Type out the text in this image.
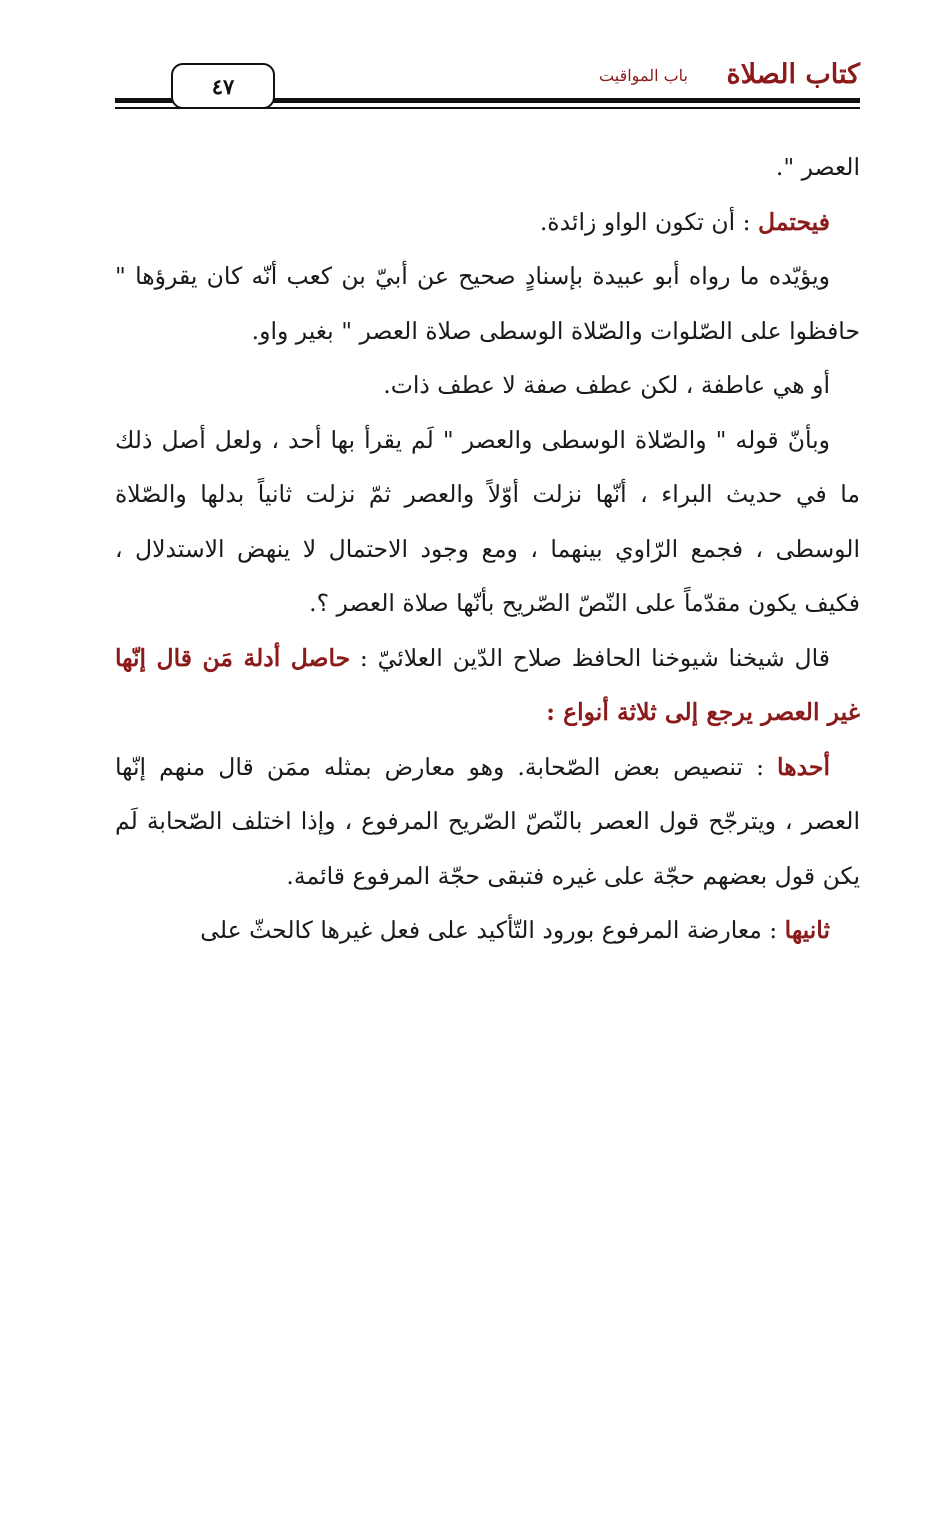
كتاب الصلاة
باب المواقيت
٤٧

العصر ".

فيحتمل : أن تكون الواو زائدة.

ويؤيّده ما رواه أبو عبيدة بإسنادٍ صحيح عن أبيّ بن كعب أنّه كان يقرؤها " حافظوا على الصّلوات والصّلاة الوسطى صلاة العصر " بغير واو.

أو هي عاطفة ، لكن عطف صفة لا عطف ذات.

وبأنّ قوله " والصّلاة الوسطى والعصر " لَم يقرأ بها أحد ، ولعل أصل ذلك ما في حديث البراء ، أنّها نزلت أوّلاً والعصر ثمّ نزلت ثانياً بدلها والصّلاة الوسطى ، فجمع الرّاوي بينهما ، ومع وجود الاحتمال لا ينهض الاستدلال ، فكيف يكون مقدّماً على النّصّ الصّريح بأنّها صلاة العصر ؟.

قال شيخنا شيوخنا الحافظ صلاح الدّين العلائيّ : حاصل أدلة مَن قال إنّها غير العصر يرجع إلى ثلاثة أنواع :

أحدها : تنصيص بعض الصّحابة. وهو معارض بمثله ممَن قال منهم إنّها العصر ، ويترجّح قول العصر بالنّصّ الصّريح المرفوع ، وإذا اختلف الصّحابة لَم يكن قول بعضهم حجّة على غيره فتبقى حجّة المرفوع قائمة.

ثانيها : معارضة المرفوع بورود التّأكيد على فعل غيرها كالحثّ على
